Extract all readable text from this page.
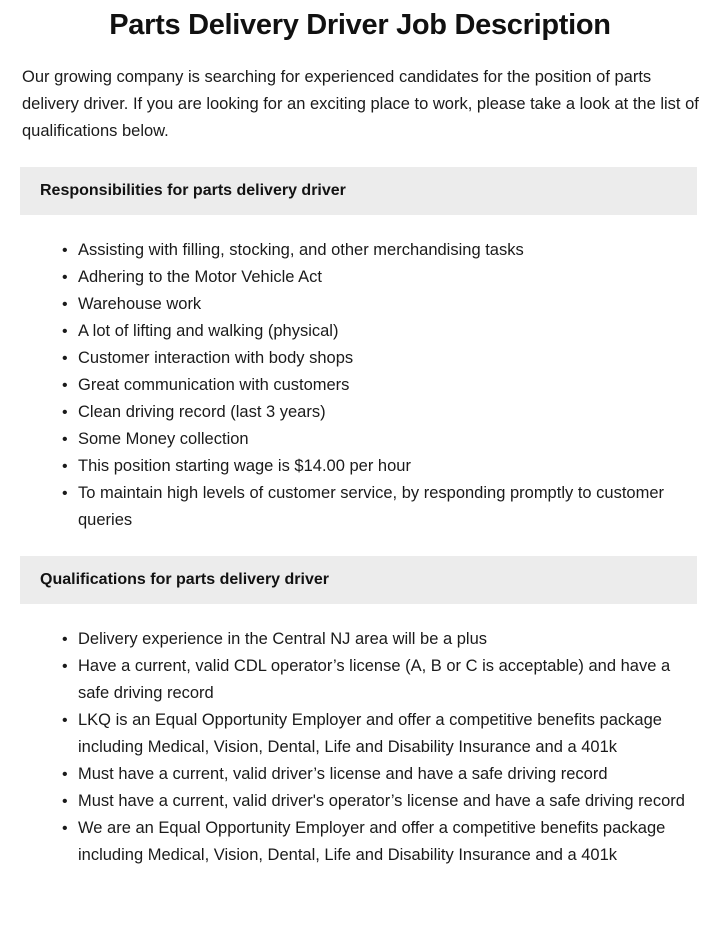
Parts Delivery Driver Job Description

Our growing company is searching for experienced candidates for the position of parts delivery driver. If you are looking for an exciting place to work, please take a look at the list of qualifications below.

Responsibilities for parts delivery driver
• Assisting with filling, stocking, and other merchandising tasks
• Adhering to the Motor Vehicle Act
• Warehouse work
• A lot of lifting and walking (physical)
• Customer interaction with body shops
• Great communication with customers
• Clean driving record (last 3 years)
• Some Money collection
• This position starting wage is $14.00 per hour
• To maintain high levels of customer service, by responding promptly to customer queries
Qualifications for parts delivery driver
• Delivery experience in the Central NJ area will be a plus
• Have a current, valid CDL operator’s license (A, B or C is acceptable) and have a safe driving record
• LKQ is an Equal Opportunity Employer and offer a competitive benefits package including Medical, Vision, Dental, Life and Disability Insurance and a 401k
• Must have a current, valid driver’s license and have a safe driving record
• Must have a current, valid driver's operator’s license and have a safe driving record
• We are an Equal Opportunity Employer and offer a competitive benefits package including Medical, Vision, Dental, Life and Disability Insurance and a 401k
